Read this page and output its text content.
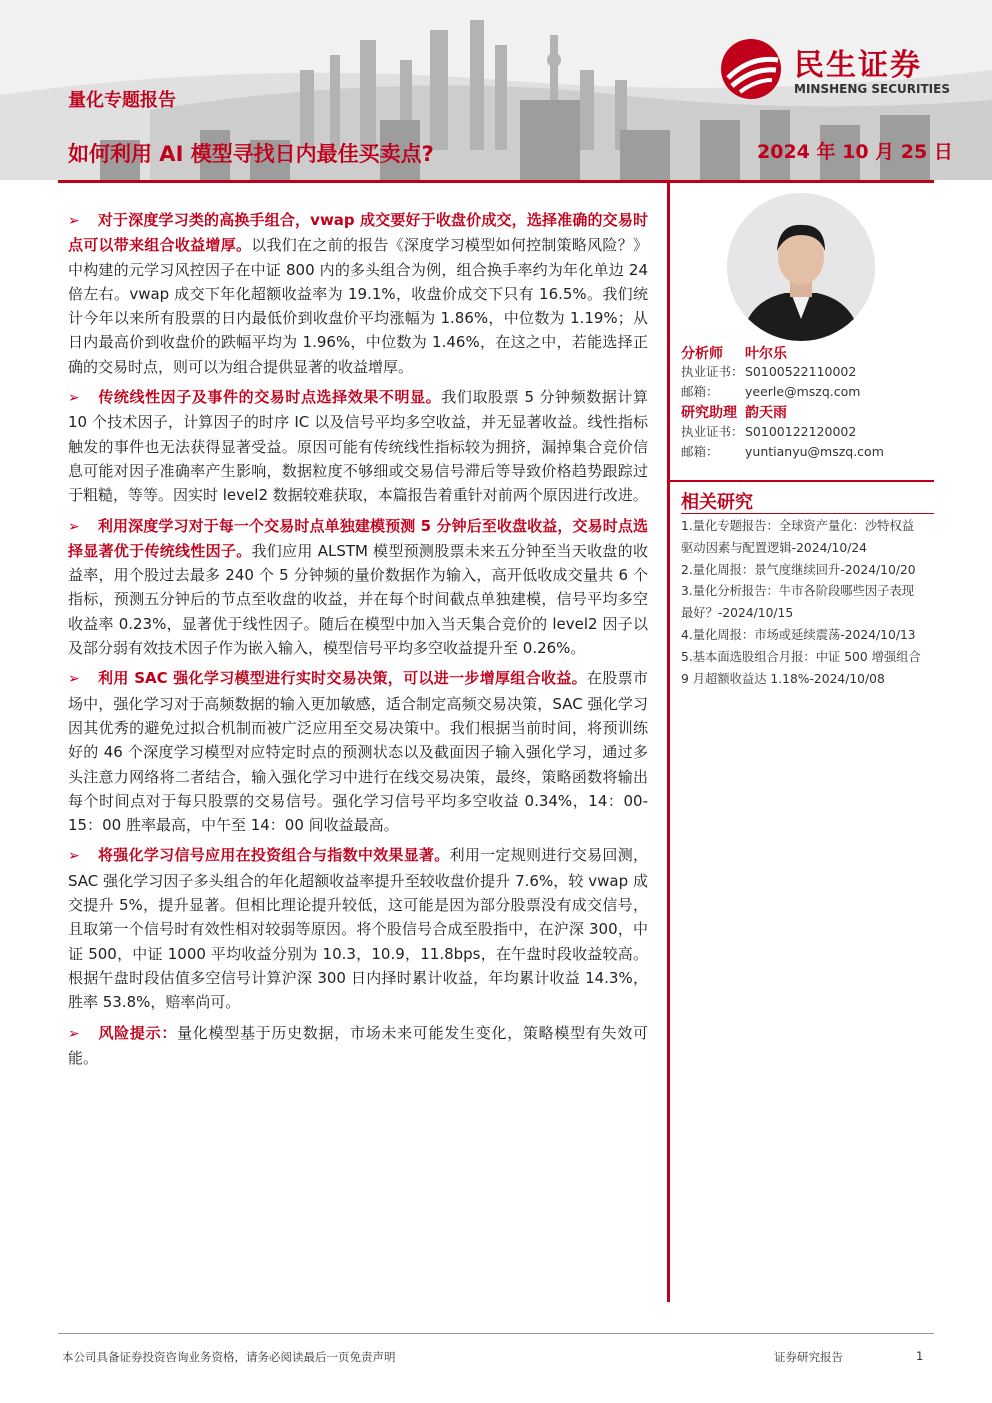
量化专题报告
如何利用 AI 模型寻找日内最佳买卖点?	2024 年 10 月 25 日
民生证券
MINSHENG SECURITIES

➢ 对于深度学习类的高换手组合，vwap 成交要好于收盘价成交，选择准确的交易时点可以带来组合收益增厚。以我们在之前的报告《深度学习模型如何控制策略风险？》中构建的元学习风控因子在中证 800 内的多头组合为例，组合换手率约为年化单边 24 倍左右。vwap 成交下年化超额收益率为 19.1%，收盘价成交下只有 16.5%。我们统计今年以来所有股票的日内最低价到收盘价平均涨幅为 1.86%，中位数为 1.19%；从日内最高价到收盘价的跌幅平均为 1.96%，中位数为 1.46%，在这之中，若能选择正确的交易时点，则可以为组合提供显著的收益增厚。

➢ 传统线性因子及事件的交易时点选择效果不明显。我们取股票 5 分钟频数据计算 10 个技术因子，计算因子的时序 IC 以及信号平均多空收益，并无显著收益。线性指标触发的事件也无法获得显著受益。原因可能有传统线性指标较为拥挤，漏掉集合竞价信息可能对因子准确率产生影响，数据粒度不够细或交易信号滞后等导致价格趋势跟踪过于粗糙，等等。因实时 level2 数据较难获取，本篇报告着重针对前两个原因进行改进。

➢ 利用深度学习对于每一个交易时点单独建模预测 5 分钟后至收盘收益，交易时点选择显著优于传统线性因子。我们应用 ALSTM 模型预测股票未来五分钟至当天收盘的收益率，用个股过去最多 240 个 5 分钟频的量价数据作为输入，高开低收成交量共 6 个指标，预测五分钟后的节点至收盘的收益，并在每个时间截点单独建模，信号平均多空收益率 0.23%，显著优于线性因子。随后在模型中加入当天集合竞价的 level2 因子以及部分弱有效技术因子作为嵌入输入，模型信号平均多空收益提升至 0.26%。

➢ 利用 SAC 强化学习模型进行实时交易决策，可以进一步增厚组合收益。在股票市场中，强化学习对于高频数据的输入更加敏感，适合制定高频交易决策，SAC 强化学习因其优秀的避免过拟合机制而被广泛应用至交易决策中。我们根据当前时间，将预训练好的 46 个深度学习模型对应特定时点的预测状态以及截面因子输入强化学习，通过多头注意力网络将二者结合，输入强化学习中进行在线交易决策，最终，策略函数将输出每个时间点对于每只股票的交易信号。强化学习信号平均多空收益 0.34%，14：00-15：00 胜率最高，中午至 14：00 间收益最高。

➢ 将强化学习信号应用在投资组合与指数中效果显著。利用一定规则进行交易回测，SAC 强化学习因子多头组合的年化超额收益率提升至较收盘价提升 7.6%，较 vwap 成交提升 5%，提升显著。但相比理论提升较低，这可能是因为部分股票没有成交信号，且取第一个信号时有效性相对较弱等原因。将个股信号合成至股指中，在沪深 300，中证 500，中证 1000 平均收益分别为 10.3，10.9，11.8bps，在午盘时段收益较高。根据午盘时段估值多空信号计算沪深 300 日内择时累计收益，年均累计收益 14.3%，胜率 53.8%，赔率尚可。

➢ 风险提示：量化模型基于历史数据，市场未来可能发生变化，策略模型有失效可能。

分析师 叶尔乐
执业证书：S0100522110002
邮箱： yeerle@mszq.com
研究助理 韵天雨
执业证书：S0100122120002
邮箱： yuntianyu@mszq.com
相关研究
1.量化专题报告：全球资产量化：沙特权益驱动因素与配置逻辑-2024/10/24
2.量化周报：景气度继续回升-2024/10/20
3.量化分析报告：牛市各阶段哪些因子表现最好？-2024/10/15
4.量化周报：市场或延续震荡-2024/10/13
5.基本面选股组合月报：中证 500 增强组合 9 月超额收益达 1.18%-2024/10/08
本公司具备证券投资咨询业务资格，请务必阅读最后一页免责声明	证券研究报告	1
